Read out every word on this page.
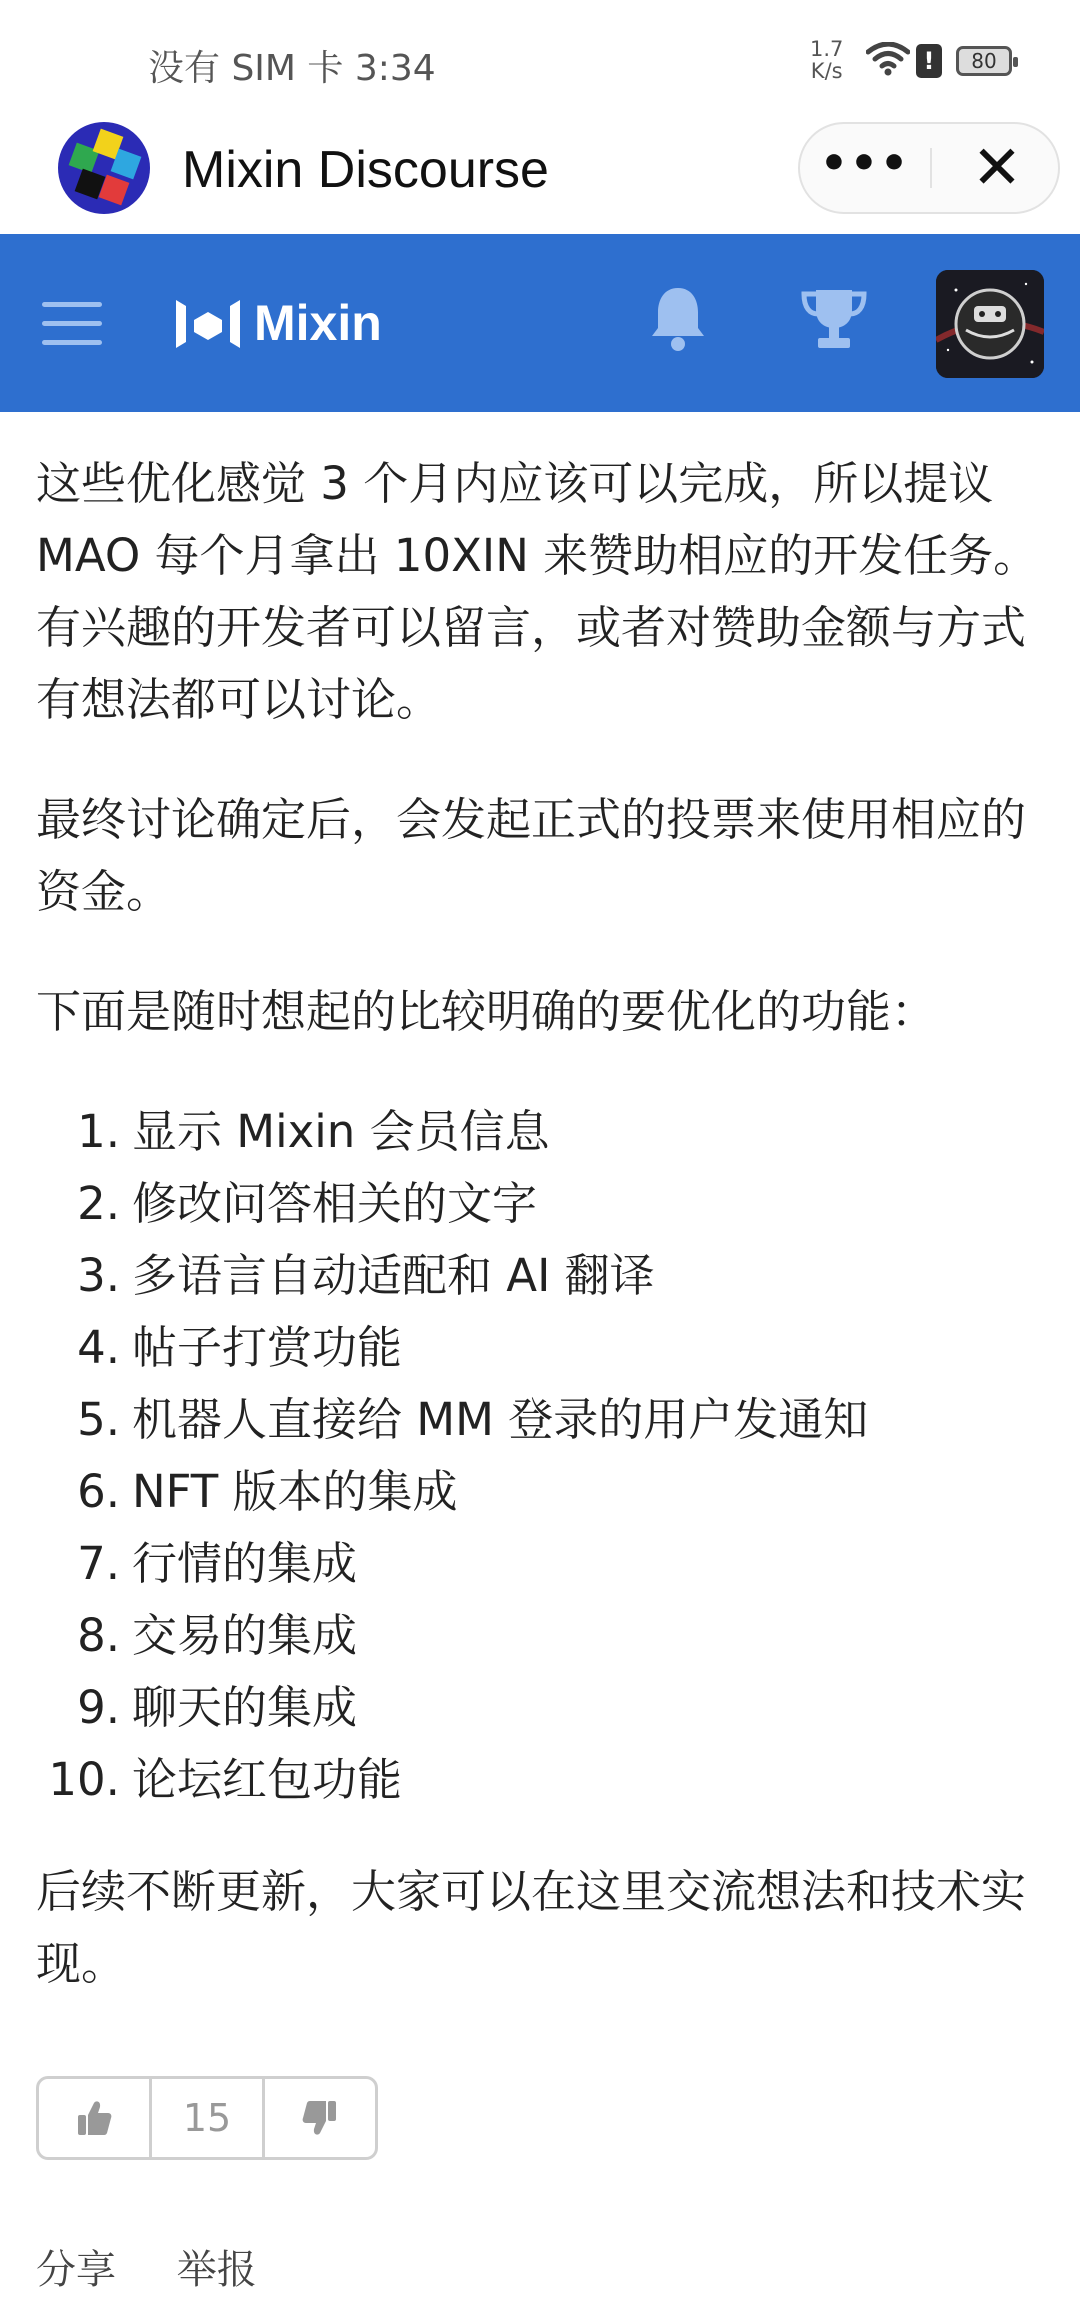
没有 SIM 卡 3:34	1.7
K/s	!	80
Mixin Discourse	•••	✕
Mixin

这些优化感觉 3 个月内应该可以完成，所以提议 MAO 每个月拿出 10XIN 来赞助相应的开发任务。有兴趣的开发者可以留言，或者对赞助金额与方式有想法都可以讨论。

最终讨论确定后，会发起正式的投票来使用相应的资金。

下面是随时想起的比较明确的要优化的功能：

1. 显示 Mixin 会员信息
2. 修改问答相关的文字
3. 多语言自动适配和 AI 翻译
4. 帖子打赏功能
5. 机器人直接给 MM 登录的用户发通知
6. NFT 版本的集成
7. 行情的集成
8. 交易的集成
9. 聊天的集成
10. 论坛红包功能

后续不断更新，大家可以在这里交流想法和技术实现。

15
分享 举报
